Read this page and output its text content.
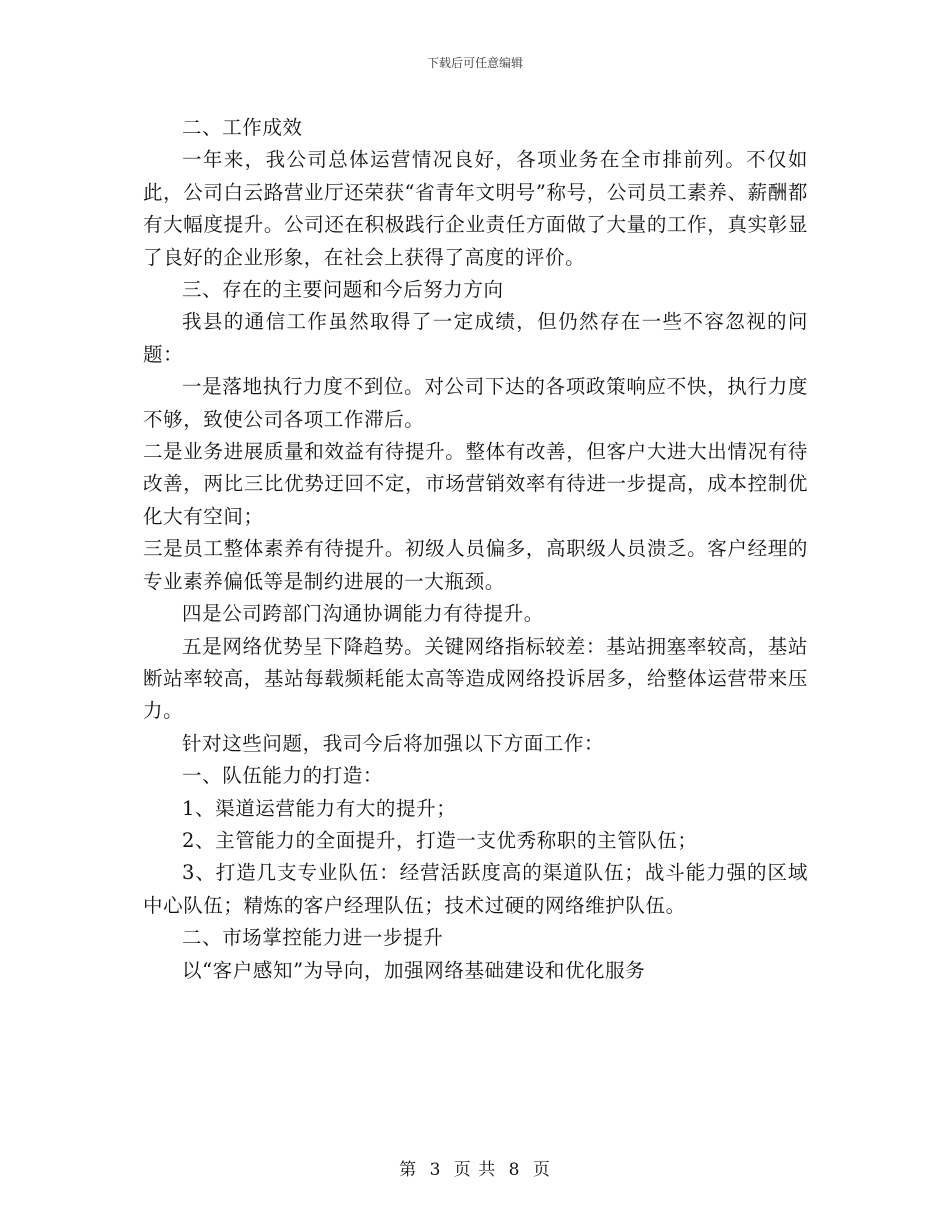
下载后可任意编辑

二、工作成效

一年来，我公司总体运营情况良好，各项业务在全市排前列。不仅如此，公司白云路营业厅还荣获“省青年文明号”称号，公司员工素养、薪酬都有大幅度提升。公司还在积极践行企业责任方面做了大量的工作，真实彰显了良好的企业形象，在社会上获得了高度的评价。

三、存在的主要问题和今后努力方向

我县的通信工作虽然取得了一定成绩，但仍然存在一些不容忽视的问题：

一是落地执行力度不到位。对公司下达的各项政策响应不快，执行力度不够，致使公司各项工作滞后。

二是业务进展质量和效益有待提升。整体有改善，但客户大进大出情况有待改善，两比三比优势迂回不定，市场营销效率有待进一步提高，成本控制优化大有空间；

三是员工整体素养有待提升。初级人员偏多，高职级人员溃乏。客户经理的专业素养偏低等是制约进展的一大瓶颈。

四是公司跨部门沟通协调能力有待提升。

五是网络优势呈下降趋势。关键网络指标较差：基站拥塞率较高，基站断站率较高，基站每载频耗能太高等造成网络投诉居多，给整体运营带来压力。

针对这些问题，我司今后将加强以下方面工作：

一、队伍能力的打造：

1、渠道运营能力有大的提升；

2、主管能力的全面提升，打造一支优秀称职的主管队伍；

3、打造几支专业队伍：经营活跃度高的渠道队伍；战斗能力强的区域中心队伍；精炼的客户经理队伍；技术过硬的网络维护队伍。

二、市场掌控能力进一步提升

以“客户感知”为导向，加强网络基础建设和优化服务

第 3 页 共 8 页
